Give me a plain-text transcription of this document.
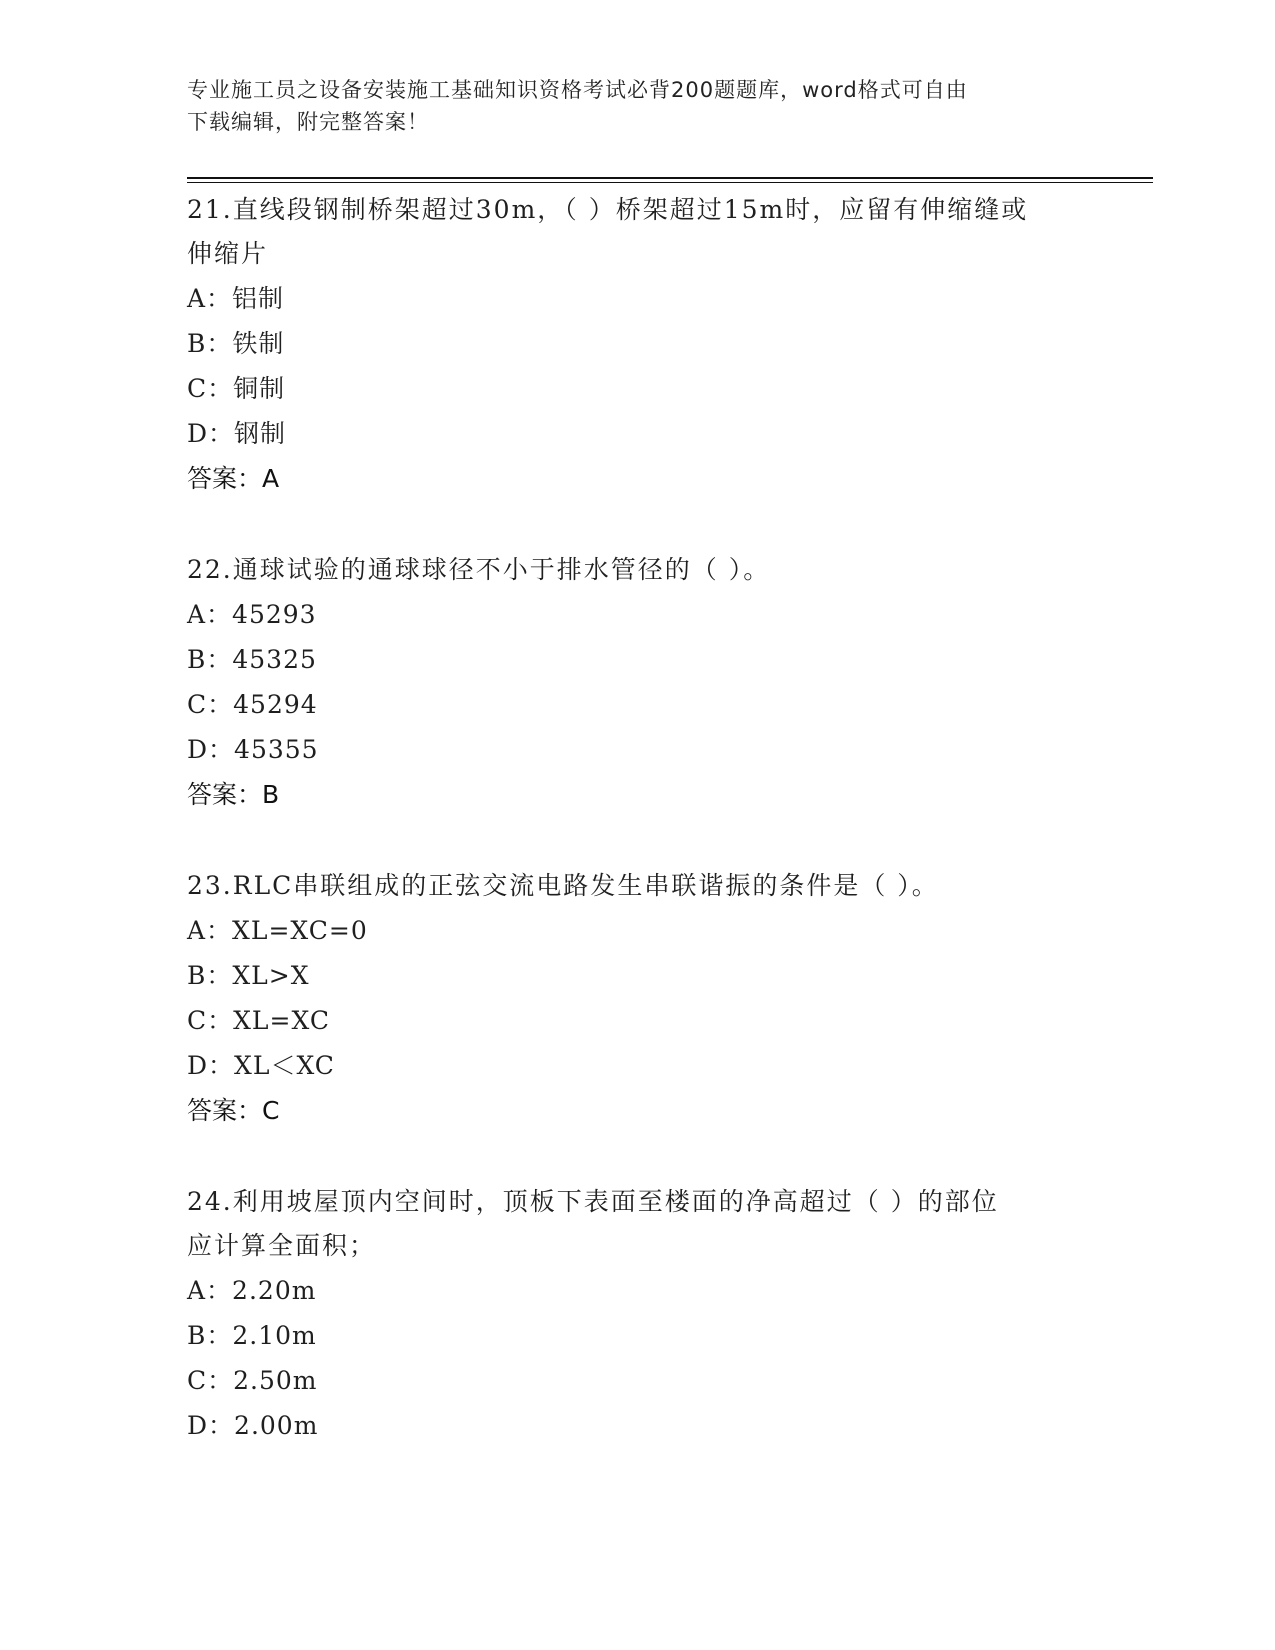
专业施工员之设备安装施工基础知识资格考试必背200题题库，word格式可自由
下载编辑，附完整答案！

21.直线段钢制桥架超过30m，（ ）桥架超过15m时，应留有伸缩缝或

伸缩片

A：铝制

B：铁制

C：铜制

D：钢制

答案：A

22.通球试验的通球球径不小于排水管径的（ ）。

A：45293

B：45325

C：45294

D：45355

答案：B

23.RLC串联组成的正弦交流电路发生串联谐振的条件是（ ）。

A：XL=XC=0

B：XL>X

C：XL=XC

D：XL＜XC

答案：C

24.利用坡屋顶内空间时，顶板下表面至楼面的净高超过（ ）的部位

应计算全面积；

A：2.20m

B：2.10m

C：2.50m

D：2.00m
